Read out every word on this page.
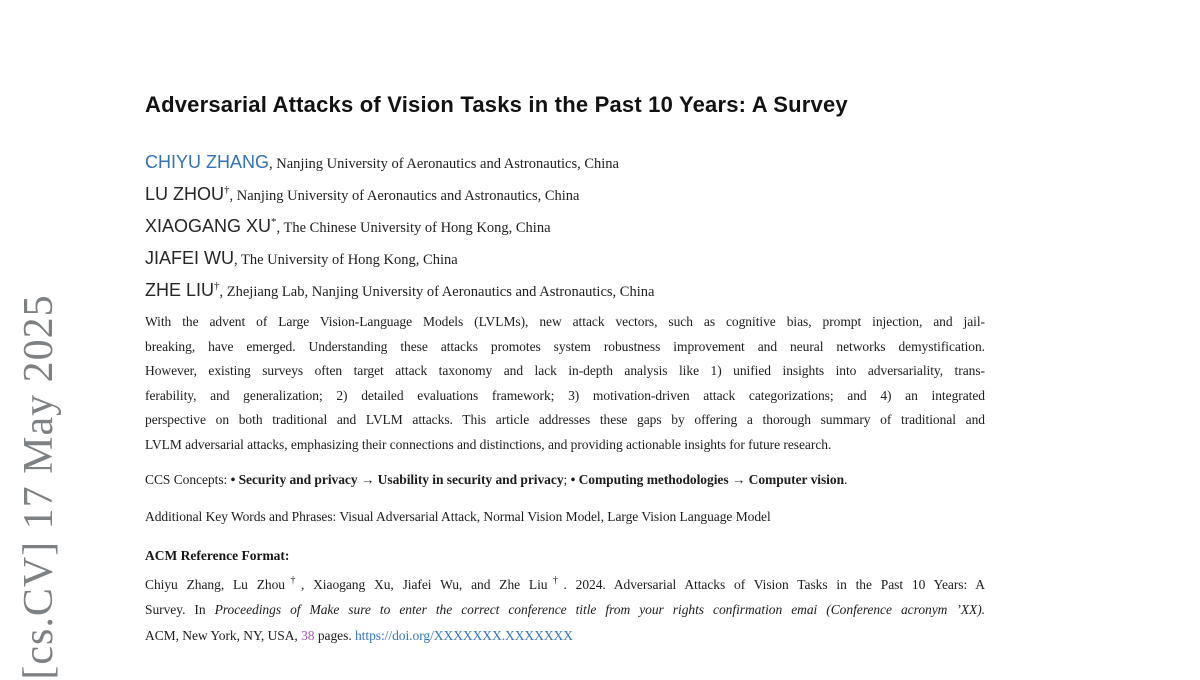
[cs.CV] 17 May 2025
Adversarial Attacks of Vision Tasks in the Past 10 Years: A Survey
CHIYU ZHANG, Nanjing University of Aeronautics and Astronautics, China
LU ZHOU†, Nanjing University of Aeronautics and Astronautics, China
XIAOGANG XU*, The Chinese University of Hong Kong, China
JIAFEI WU, The University of Hong Kong, China
ZHE LIU†, Zhejiang Lab, Nanjing University of Aeronautics and Astronautics, China
With the advent of Large Vision-Language Models (LVLMs), new attack vectors, such as cognitive bias, prompt injection, and jail-
breaking, have emerged. Understanding these attacks promotes system robustness improvement and neural networks demystification.
However, existing surveys often target attack taxonomy and lack in-depth analysis like 1) unified insights into adversariality, trans-
ferability, and generalization; 2) detailed evaluations framework; 3) motivation-driven attack categorizations; and 4) an integrated
perspective on both traditional and LVLM attacks. This article addresses these gaps by offering a thorough summary of traditional and
LVLM adversarial attacks, emphasizing their connections and distinctions, and providing actionable insights for future research.

CCS Concepts: • Security and privacy → Usability in security and privacy; • Computing methodologies → Computer vision.

Additional Key Words and Phrases: Visual Adversarial Attack, Normal Vision Model, Large Vision Language Model

ACM Reference Format:
Chiyu Zhang, Lu Zhou†, Xiaogang Xu, Jiafei Wu, and Zhe Liu†. 2024. Adversarial Attacks of Vision Tasks in the Past 10 Years: A
Survey. In Proceedings of Make sure to enter the correct conference title from your rights confirmation emai (Conference acronym ’XX).
ACM, New York, NY, USA, 38 pages. https://doi.org/XXXXXXX.XXXXXXX
